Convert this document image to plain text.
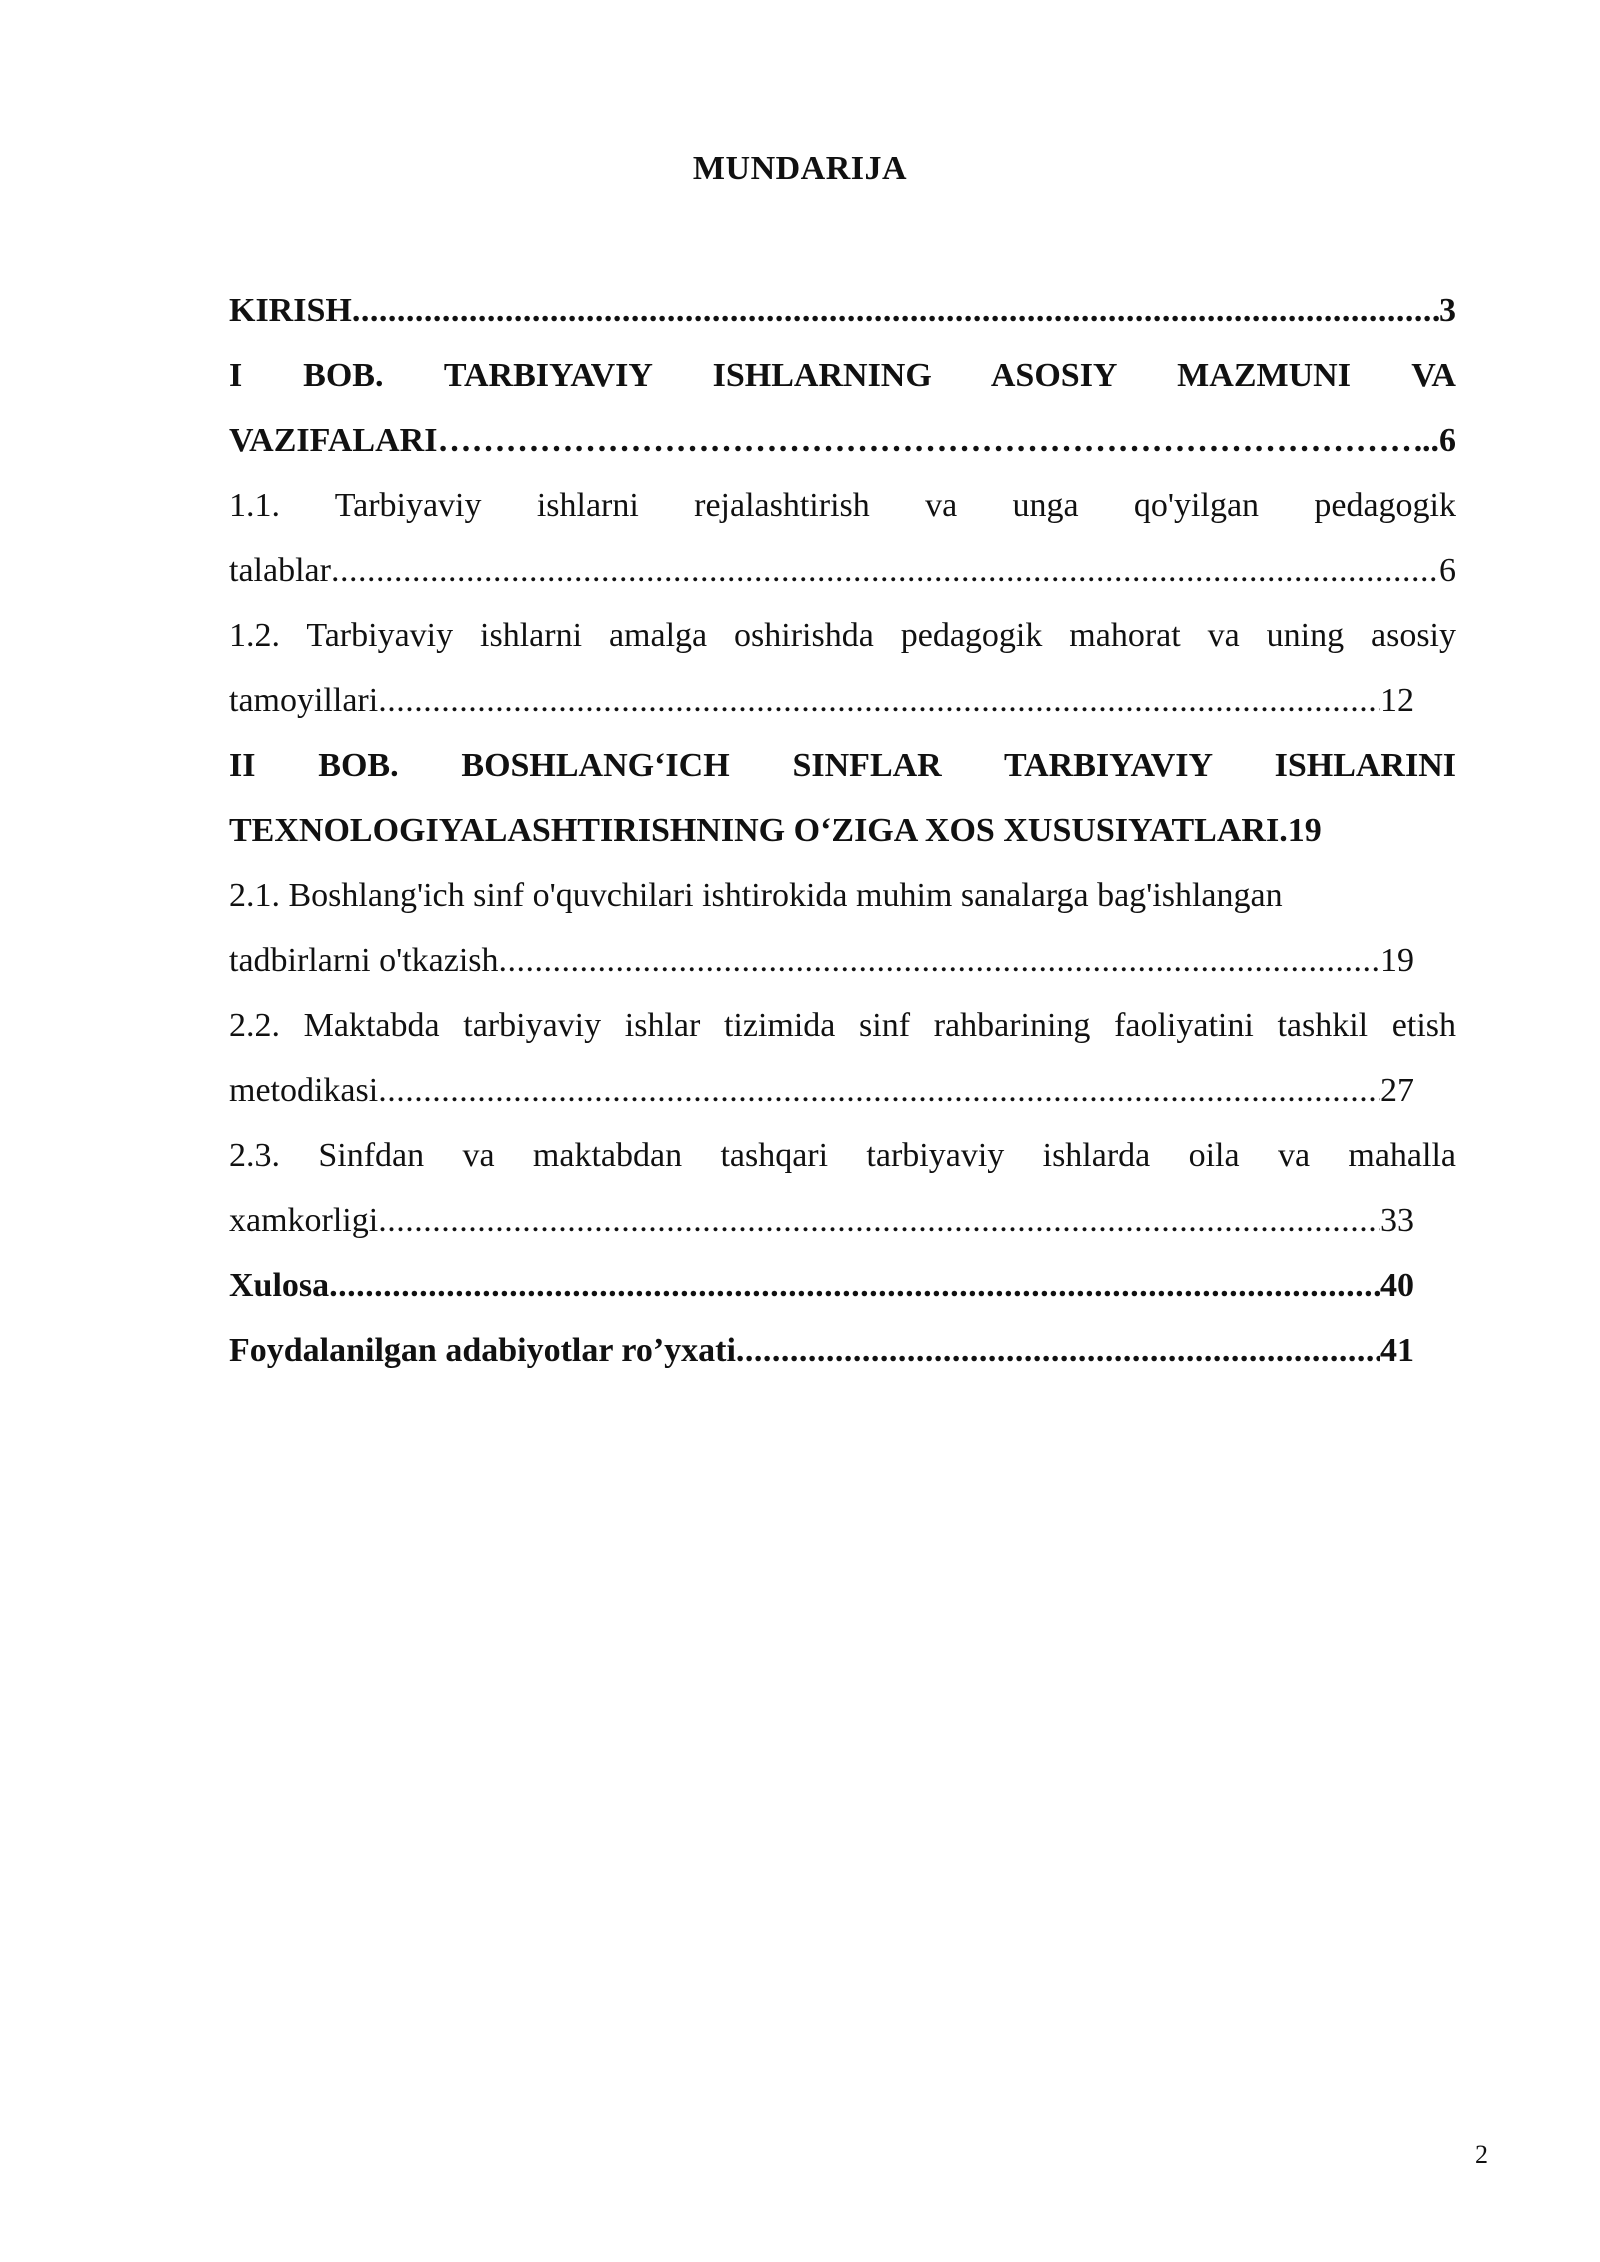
MUNDARIJA
KIRISH .....	3
I BOB. TARBIYAVIY ISHLARNING ASOSIY MAZMUNI VA
VAZIFALARI ………………………………………………………………………………………………………………………………………………………………	..6
1.1. Tarbiyaviy ishlarni rejalashtirish va unga qo'yilgan pedagogik
talablar .....	6
1.2. Tarbiyaviy ishlarni amalga oshirishda pedagogik mahorat va uning asosiy
tamoyillari .....	12
II BOB. BOSHLANG‘ICH SINFLAR TARBIYAVIY ISHLARINI
TEXNOLOGIYALASHTIRISHNING O‘ZIGA XOS XUSUSIYATLARI.19
2.1. Boshlang'ich sinf o'quvchilari ishtirokida muhim sanalarga bag'ishlangan
tadbirlarni o'tkazish .....	19
2.2. Maktabda tarbiyaviy ishlar tizimida sinf rahbarining faoliyatini tashkil etish
metodikasi .....	27
2.3. Sinfdan va maktabdan tashqari tarbiyaviy ishlarda oila va mahalla
xamkorligi .....	33
Xulosa .....	40
Foydalanilgan adabiyotlar ro’yxati .....	41
2
